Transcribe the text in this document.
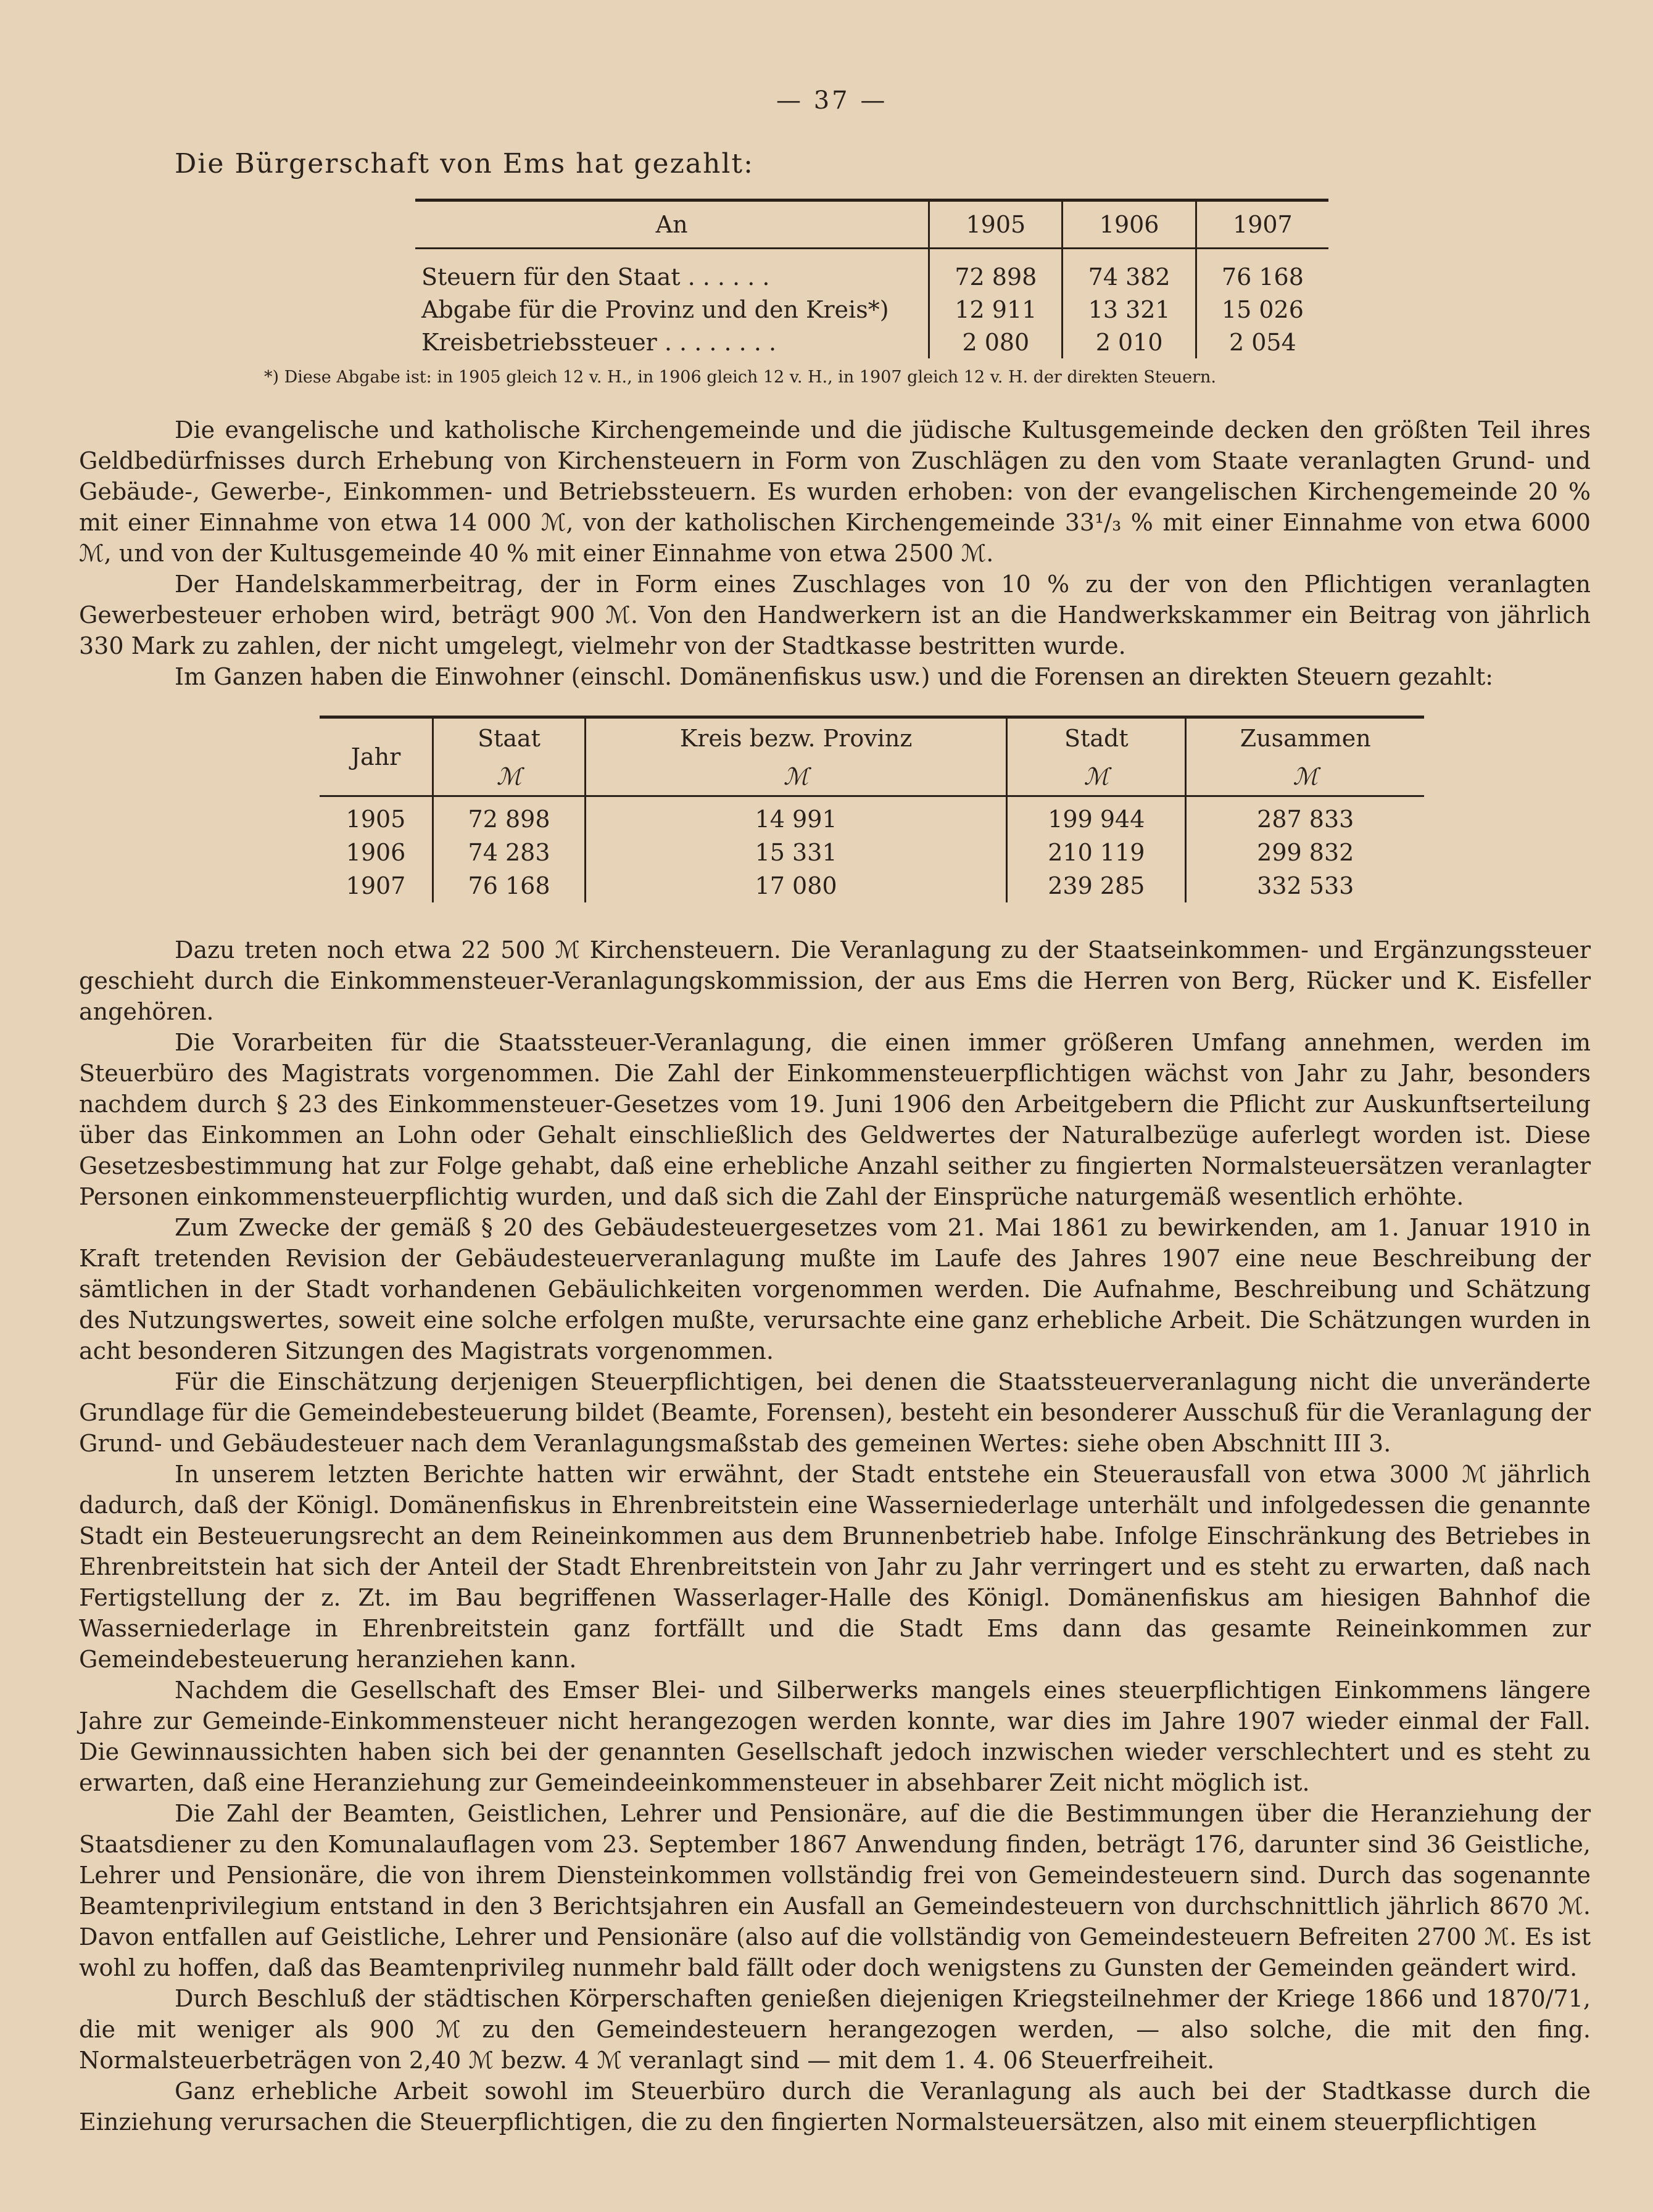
— 37 —
Die Bürgerschaft von Ems hat gezahlt:

An	1905	1906	1907
Steuern für den Staat . . . . . .	72 898	74 382	76 168
Abgabe für die Provinz und den Kreis*)	12 911	13 321	15 026
Kreisbetriebssteuer . . . . . . . .	2 080	2 010	2 054
*) Diese Abgabe ist: in 1905 gleich 12 v. H., in 1906 gleich 12 v. H., in 1907 gleich 12 v. H. der direkten Steuern.

Die evangelische und katholische Kirchengemeinde und die jüdische Kultusgemeinde decken den größten Teil ihres Geldbedürfnisses durch Erhebung von Kirchensteuern in Form von Zuschlägen zu den vom Staate veranlagten Grund- und Gebäude-, Gewerbe-, Einkommen- und Betriebssteuern. Es wurden erhoben: von der evangelischen Kirchengemeinde 20 % mit einer Einnahme von etwa 14 000 ℳ, von der katholischen Kirchengemeinde 33¹/₃ % mit einer Einnahme von etwa 6000 ℳ, und von der Kultusgemeinde 40 % mit einer Einnahme von etwa 2500 ℳ.

Der Handelskammerbeitrag, der in Form eines Zuschlages von 10 % zu der von den Pflichtigen veranlagten Gewerbesteuer erhoben wird, beträgt 900 ℳ. Von den Handwerkern ist an die Handwerkskammer ein Beitrag von jährlich 330 Mark zu zahlen, der nicht umgelegt, vielmehr von der Stadtkasse bestritten wurde.

Im Ganzen haben die Einwohner (einschl. Domänenfiskus usw.) und die Forensen an direkten Steuern gezahlt:

Jahr	Staat	Kreis bezw. Provinz	Stadt	Zusammen
	ℳ	ℳ	ℳ	ℳ
1905	72 898	14 991	199 944	287 833
1906	74 283	15 331	210 119	299 832
1907	76 168	17 080	239 285	332 533

Dazu treten noch etwa 22 500 ℳ Kirchensteuern. Die Veranlagung zu der Staatseinkommen- und Ergänzungssteuer geschieht durch die Einkommensteuer-Veranlagungskommission, der aus Ems die Herren von Berg, Rücker und K. Eisfeller angehören.

Die Vorarbeiten für die Staatssteuer-Veranlagung, die einen immer größeren Umfang annehmen, werden im Steuerbüro des Magistrats vorgenommen. Die Zahl der Einkommensteuerpflichtigen wächst von Jahr zu Jahr, besonders nachdem durch § 23 des Einkommensteuer-Gesetzes vom 19. Juni 1906 den Arbeitgebern die Pflicht zur Auskunftserteilung über das Einkommen an Lohn oder Gehalt einschließlich des Geldwertes der Naturalbezüge auferlegt worden ist. Diese Gesetzesbestimmung hat zur Folge gehabt, daß eine erhebliche Anzahl seither zu fingierten Normalsteuersätzen veranlagter Personen einkommensteuerpflichtig wurden, und daß sich die Zahl der Einsprüche naturgemäß wesentlich erhöhte.

Zum Zwecke der gemäß § 20 des Gebäudesteuergesetzes vom 21. Mai 1861 zu bewirkenden, am 1. Januar 1910 in Kraft tretenden Revision der Gebäudesteuerveranlagung mußte im Laufe des Jahres 1907 eine neue Beschreibung der sämtlichen in der Stadt vorhandenen Gebäulichkeiten vorgenommen werden. Die Aufnahme, Beschreibung und Schätzung des Nutzungswertes, soweit eine solche erfolgen mußte, verursachte eine ganz erhebliche Arbeit. Die Schätzungen wurden in acht besonderen Sitzungen des Magistrats vorgenommen.

Für die Einschätzung derjenigen Steuerpflichtigen, bei denen die Staatssteuerveranlagung nicht die unveränderte Grundlage für die Gemeindebesteuerung bildet (Beamte, Forensen), besteht ein besonderer Ausschuß für die Veranlagung der Grund- und Gebäudesteuer nach dem Veranlagungsmaßstab des gemeinen Wertes: siehe oben Abschnitt III 3.

In unserem letzten Berichte hatten wir erwähnt, der Stadt entstehe ein Steuerausfall von etwa 3000 ℳ jährlich dadurch, daß der Königl. Domänenfiskus in Ehrenbreitstein eine Wasserniederlage unterhält und infolgedessen die genannte Stadt ein Besteuerungsrecht an dem Reineinkommen aus dem Brunnenbetrieb habe. Infolge Einschränkung des Betriebes in Ehrenbreitstein hat sich der Anteil der Stadt Ehrenbreitstein von Jahr zu Jahr verringert und es steht zu erwarten, daß nach Fertigstellung der z. Zt. im Bau begriffenen Wasserlager-Halle des Königl. Domänenfiskus am hiesigen Bahnhof die Wasserniederlage in Ehrenbreitstein ganz fortfällt und die Stadt Ems dann das gesamte Reineinkommen zur Gemeindebesteuerung heranziehen kann.

Nachdem die Gesellschaft des Emser Blei- und Silberwerks mangels eines steuerpflichtigen Einkommens längere Jahre zur Gemeinde-Einkommensteuer nicht herangezogen werden konnte, war dies im Jahre 1907 wieder einmal der Fall. Die Gewinnaussichten haben sich bei der genannten Gesellschaft jedoch inzwischen wieder verschlechtert und es steht zu erwarten, daß eine Heranziehung zur Gemeindeeinkommensteuer in absehbarer Zeit nicht möglich ist.

Die Zahl der Beamten, Geistlichen, Lehrer und Pensionäre, auf die die Bestimmungen über die Heranziehung der Staatsdiener zu den Komunalauflagen vom 23. September 1867 Anwendung finden, beträgt 176, darunter sind 36 Geistliche, Lehrer und Pensionäre, die von ihrem Diensteinkommen vollständig frei von Gemeindesteuern sind. Durch das sogenannte Beamtenprivilegium entstand in den 3 Berichtsjahren ein Ausfall an Gemeindesteuern von durchschnittlich jährlich 8670 ℳ. Davon entfallen auf Geistliche, Lehrer und Pensionäre (also auf die vollständig von Gemeindesteuern Befreiten 2700 ℳ. Es ist wohl zu hoffen, daß das Beamtenprivileg nunmehr bald fällt oder doch wenigstens zu Gunsten der Gemeinden geändert wird.

Durch Beschluß der städtischen Körperschaften genießen diejenigen Kriegsteilnehmer der Kriege 1866 und 1870/71, die mit weniger als 900 ℳ zu den Gemeindesteuern herangezogen werden, — also solche, die mit den fing. Normalsteuerbeträgen von 2,40 ℳ bezw. 4 ℳ veranlagt sind — mit dem 1. 4. 06 Steuerfreiheit.

Ganz erhebliche Arbeit sowohl im Steuerbüro durch die Veranlagung als auch bei der Stadtkasse durch die Einziehung verursachen die Steuerpflichtigen, die zu den fingierten Normalsteuersätzen, also mit einem steuerpflichtigen
